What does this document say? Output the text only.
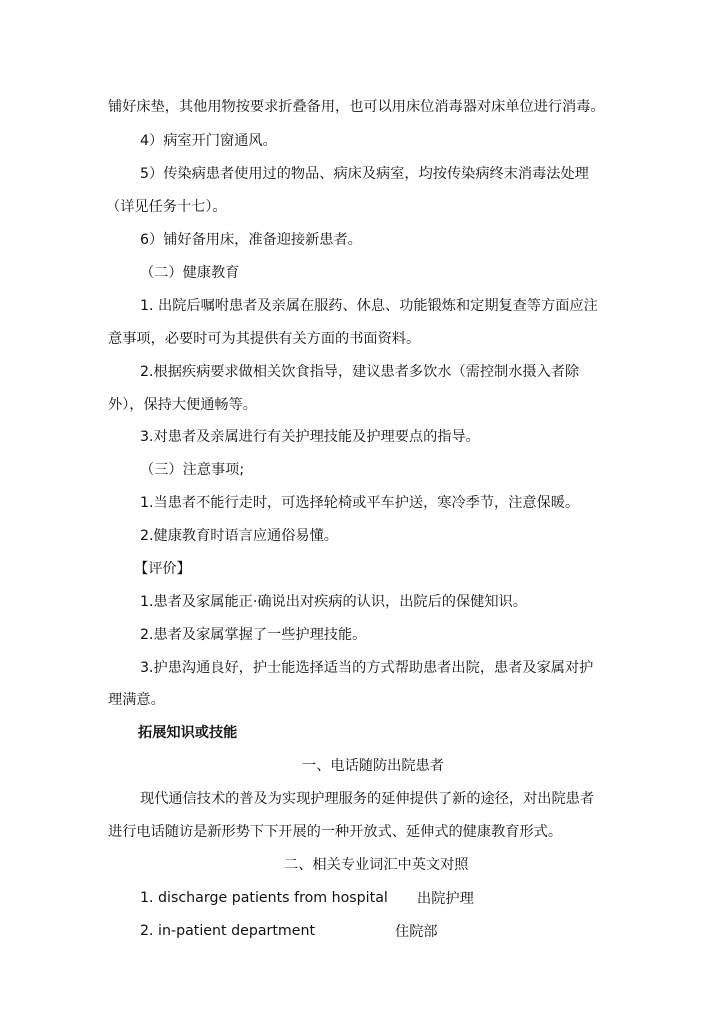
铺好床垫，其他用物按要求折叠备用，也可以用床位消毒器对床单位进行消毒。
4）病室开门窗通风。
5）传染病患者使用过的物品、病床及病室，均按传染病终末消毒法处理
（详见任务十七）。
6）铺好备用床，准备迎接新患者。
（二）健康教育
1. 出院后嘱咐患者及亲属在服药、休息、功能锻炼和定期复查等方面应注
意事项，必要时可为其提供有关方面的书面资料。
2.根据疾病要求做相关饮食指导，建议患者多饮水（需控制水摄入者除
外），保持大便通畅等。
3.对患者及亲属进行有关护理技能及护理要点的指导。
（三）注意事项;
1.当患者不能行走时，可选择轮椅或平车护送，寒冷季节，注意保暖。
2.健康教育时语言应通俗易懂。
【评价】
1.患者及家属能正·确说出对疾病的认识，出院后的保健知识。
2.患者及家属掌握了一些护理技能。
3.护患沟通良好，护士能选择适当的方式帮助患者出院，患者及家属对护
理满意。
拓展知识或技能
一、电话随防出院患者
现代通信技术的普及为实现护理服务的延伸提供了新的途径，对出院患者
进行电话随访是新形势下下开展的一种开放式、延伸式的健康教育形式。
二、相关专业词汇中英文对照
1. discharge patients from hospital 出院护理
2. in-patient department	住院部
